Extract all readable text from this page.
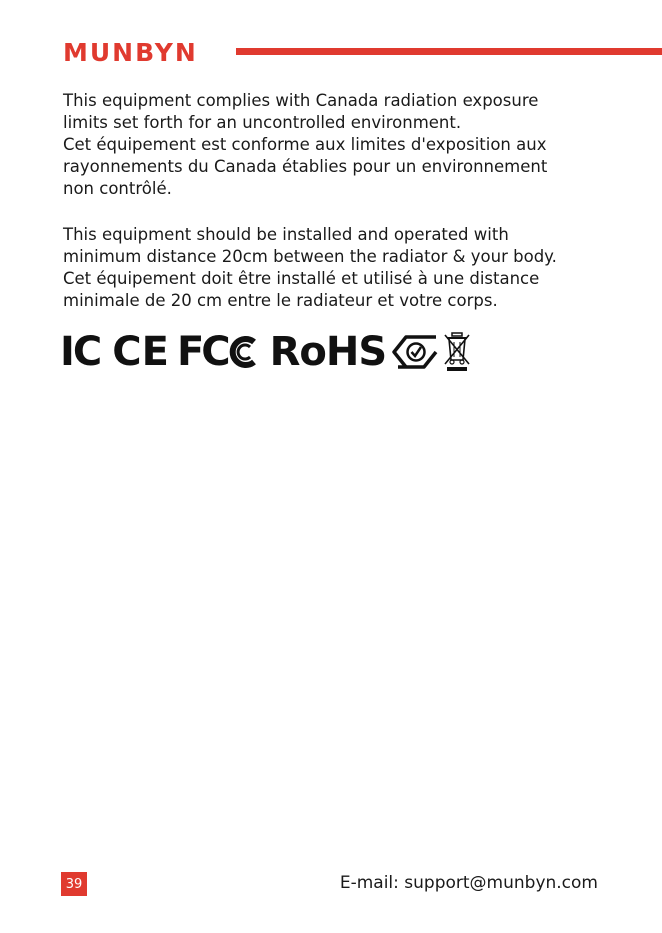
MUNBYN
This equipment complies with Canada radiation exposure
limits set forth for an uncontrolled environment.
Cet équipement est conforme aux limites d'exposition aux
rayonnements du Canada établies pour un environnement
non contrôlé.
This equipment should be installed and operated with
minimum distance 20cm between the radiator & your body.
Cet équipement doit être installé et utilisé à une distance
minimale de 20 cm entre le radiateur et votre corps.
IC CE FC RoHS
39	E-mail: support@munbyn.com
